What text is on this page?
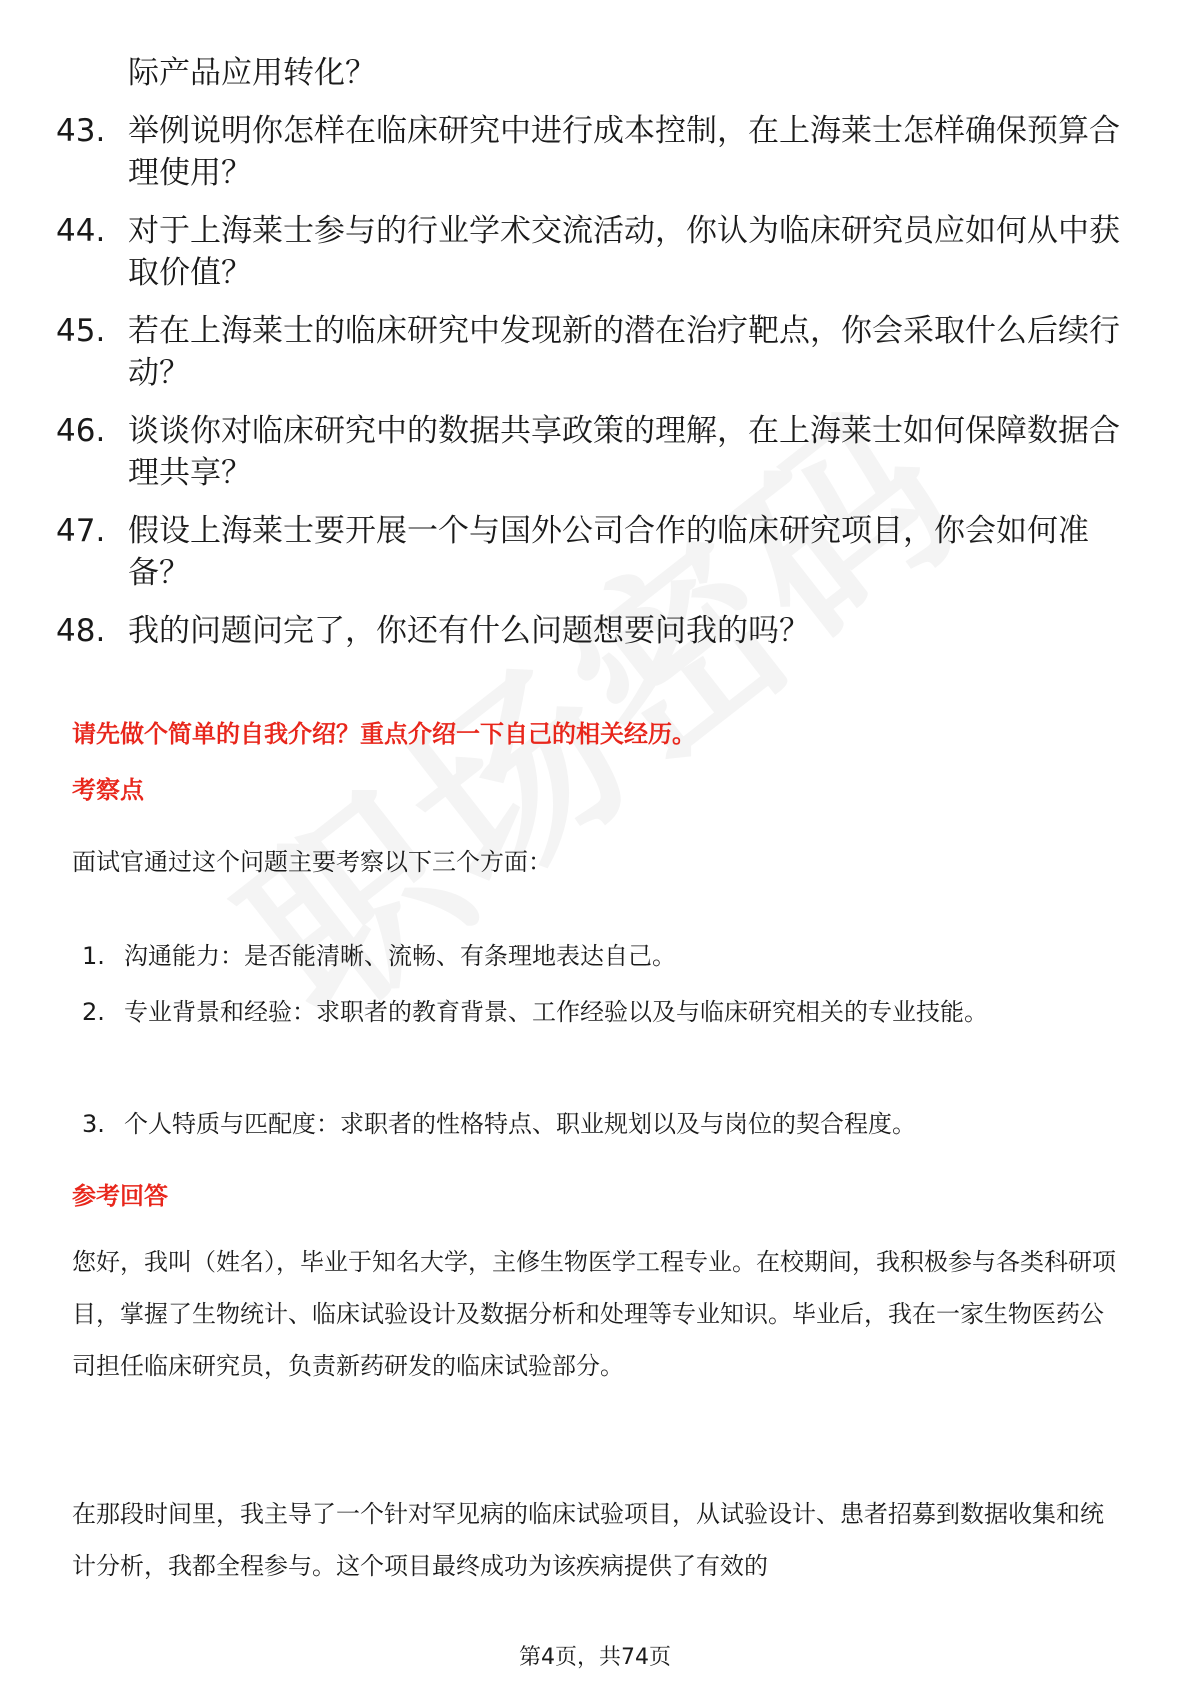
际产品应用转化？
43. 举例说明你怎样在临床研究中进行成本控制，在上海莱士怎样确保预算合理使用？
44. 对于上海莱士参与的行业学术交流活动，你认为临床研究员应如何从中获取价值？
45. 若在上海莱士的临床研究中发现新的潜在治疗靶点，你会采取什么后续行动？
46. 谈谈你对临床研究中的数据共享政策的理解，在上海莱士如何保障数据合理共享？
47. 假设上海莱士要开展一个与国外公司合作的临床研究项目，你会如何准备？
48. 我的问题问完了，你还有什么问题想要问我的吗？
请先做个简单的自我介绍？重点介绍一下自己的相关经历。
考察点
面试官通过这个问题主要考察以下三个方面：
1. 沟通能力：是否能清晰、流畅、有条理地表达自己。
2. 专业背景和经验：求职者的教育背景、工作经验以及与临床研究相关的专业技能。
3. 个人特质与匹配度：求职者的性格特点、职业规划以及与岗位的契合程度。
参考回答
您好，我叫（姓名），毕业于知名大学，主修生物医学工程专业。在校期间，我积极参与各类科研项目，掌握了生物统计、临床试验设计及数据分析和处理等专业知识。毕业后，我在一家生物医药公司担任临床研究员，负责新药研发的临床试验部分。
在那段时间里，我主导了一个针对罕见病的临床试验项目，从试验设计、患者招募到数据收集和统计分析，我都全程参与。这个项目最终成功为该疾病提供了有效的
第4页，共74页
